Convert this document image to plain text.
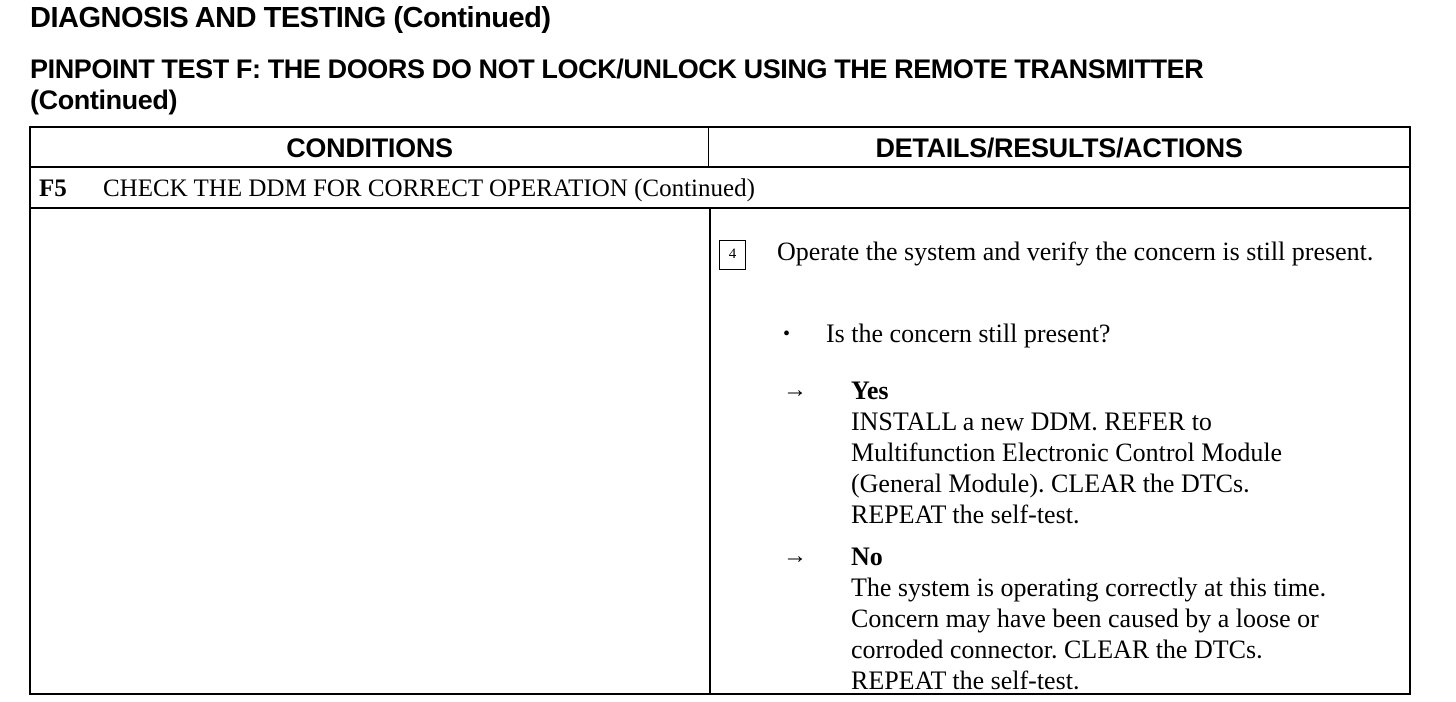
DIAGNOSIS AND TESTING (Continued)
PINPOINT TEST F: THE DOORS DO NOT LOCK/UNLOCK USING THE REMOTE TRANSMITTER
(Continued)
CONDITIONS	DETAILS/RESULTS/ACTIONS
F5 CHECK THE DDM FOR CORRECT OPERATION (Continued)
4	Operate the system and verify the concern is still present.
• Is the concern still present?
→ Yes
INSTALL a new DDM. REFER to
Multifunction Electronic Control Module
(General Module). CLEAR the DTCs.
REPEAT the self-test.
→ No
The system is operating correctly at this time.
Concern may have been caused by a loose or
corroded connector. CLEAR the DTCs.
REPEAT the self-test.
